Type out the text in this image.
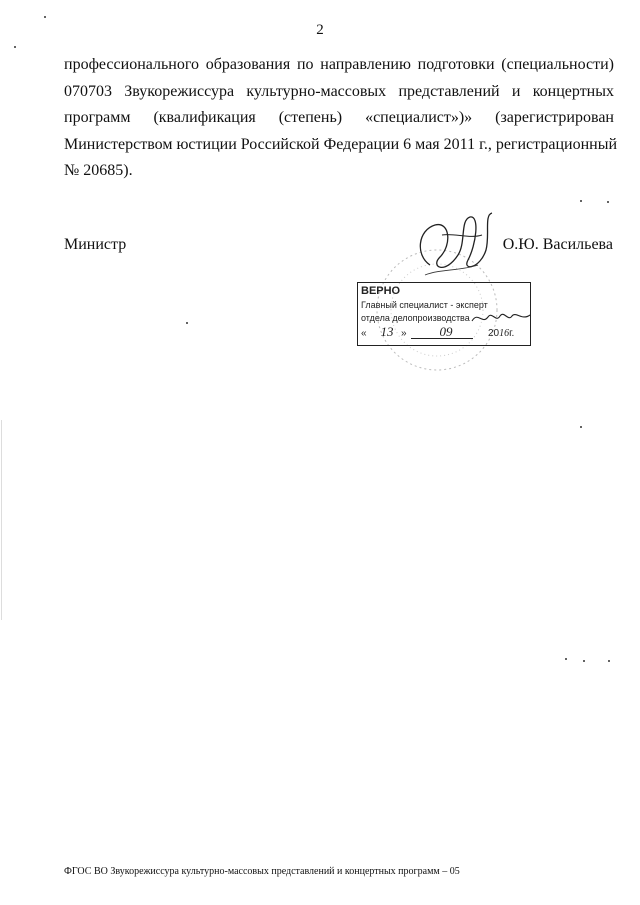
2
профессионального образования по направлению подготовки (специальности)
070703 Звукорежиссура культурно-массовых представлений и концертных
программ (квалификация (степень) «специалист»)» (зарегистрирован
Министерством юстиции Российской Федерации 6 мая 2011 г., регистрационный
№ 20685).
Министр	О.Ю. Васильева
ВЕРНО
Главный специалист - эксперт
отдела делопроизводства
«	13 »	09	2016г.
ФГОС ВО Звукорежиссура культурно-массовых представлений и концертных программ – 05
